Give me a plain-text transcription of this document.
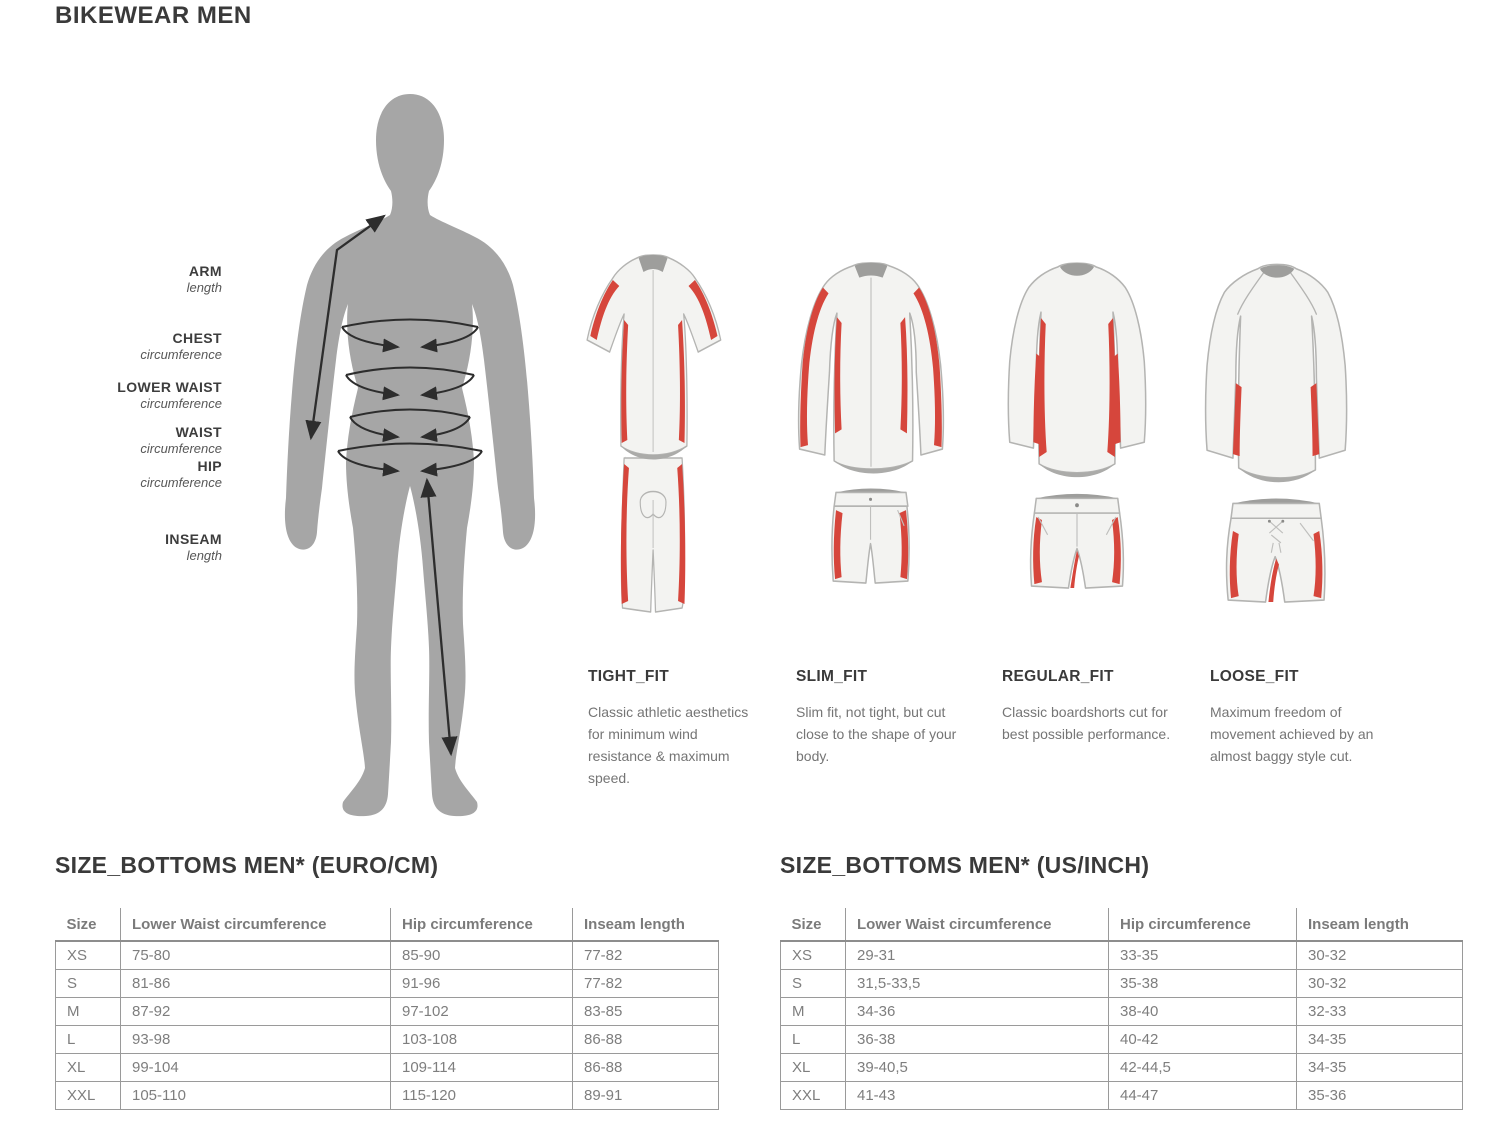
BIKEWEAR MEN
ARM
length
CHEST
circumference
LOWER WAIST
circumference
WAIST
circumference
HIP
circumference
INSEAM
length
TIGHT_FIT	SLIM_FIT	REGULAR_FIT	LOOSE_FIT

Classic athletic aesthetics for minimum wind resistance & maximum speed.

Slim fit, not tight, but cut close to the shape of your body.

Classic boardshorts cut for best possible performance.

Maximum freedom of movement achieved by an almost baggy style cut.

SIZE_BOTTOMS MEN* (EURO/CM)	SIZE_BOTTOMS MEN* (US/INCH)
Size	Lower Waist circumference	Hip circumference	Inseam length
XS	75-80	85-90	77-82
S	81-86	91-96	77-82
M	87-92	97-102	83-85
L	93-98	103-108	86-88
XL	99-104	109-114	86-88
XXL	105-110	115-120	89-91
Size	Lower Waist circumference	Hip circumference	Inseam length
XS	29-31	33-35	30-32
S	31,5-33,5	35-38	30-32
M	34-36	38-40	32-33
L	36-38	40-42	34-35
XL	39-40,5	42-44,5	34-35
XXL	41-43	44-47	35-36
